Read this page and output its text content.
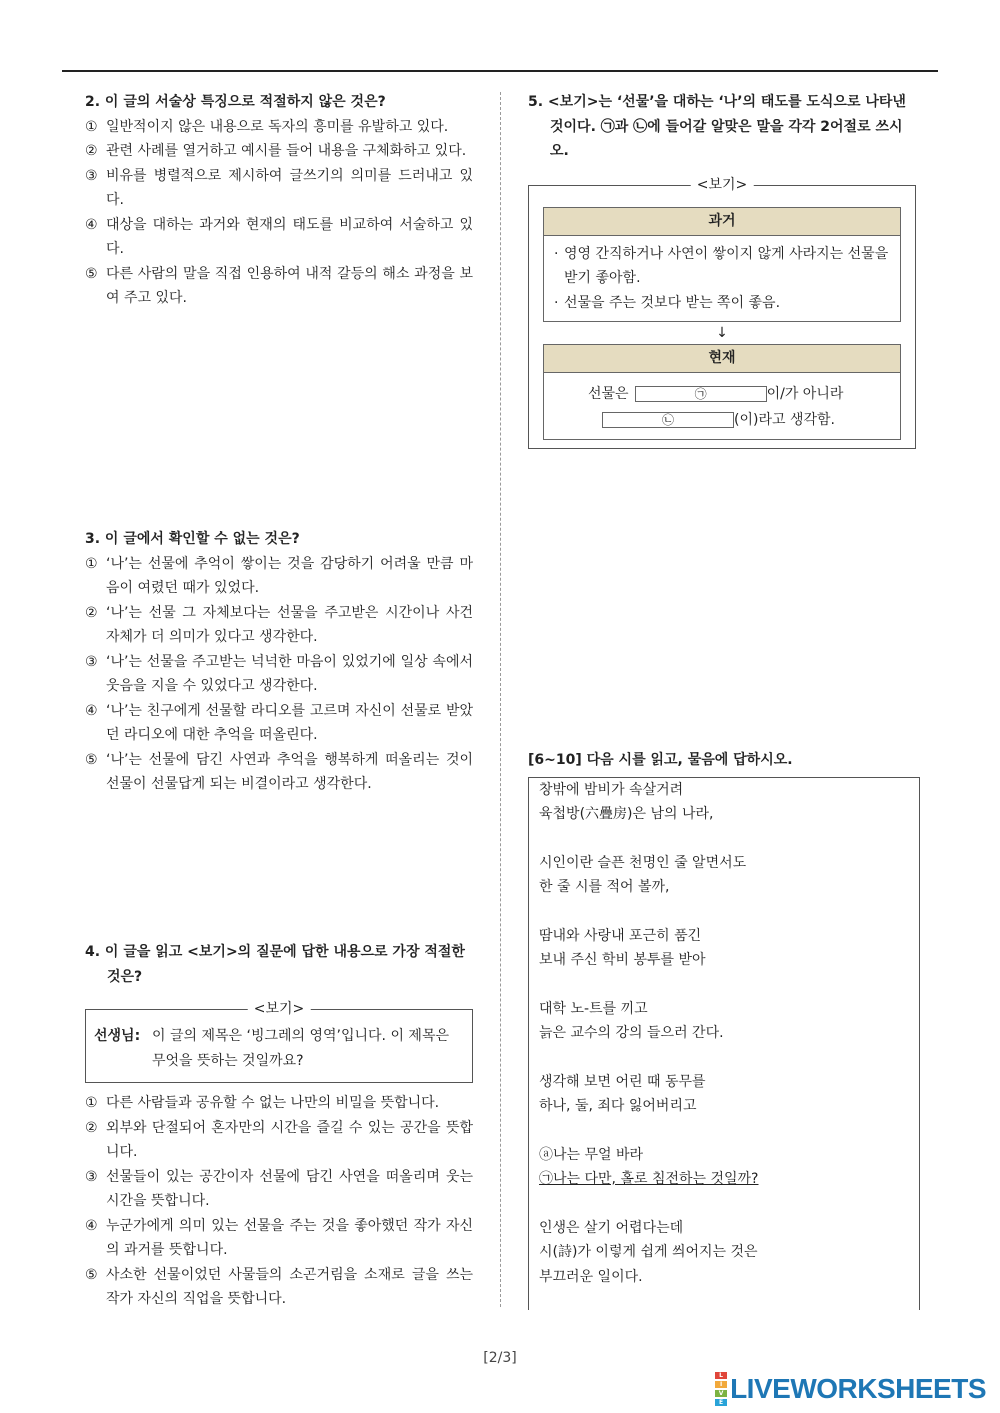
2. 이 글의 서술상 특징으로 적절하지 않은 것은?
① 일반적이지 않은 내용으로 독자의 흥미를 유발하고 있다.
② 관련 사례를 열거하고 예시를 들어 내용을 구체화하고 있다.
③ 비유를 병렬적으로 제시하여 글쓰기의 의미를 드러내고 있다.
④ 대상을 대하는 과거와 현재의 태도를 비교하여 서술하고 있다.
⑤ 다른 사람의 말을 직접 인용하여 내적 갈등의 해소 과정을 보여 주고 있다.
3. 이 글에서 확인할 수 없는 것은?
① ‘나’는 선물에 추억이 쌓이는 것을 감당하기 어려울 만큼 마음이 여렸던 때가 있었다.
② ‘나’는 선물 그 자체보다는 선물을 주고받은 시간이나 사건 자체가 더 의미가 있다고 생각한다.
③ ‘나’는 선물을 주고받는 넉넉한 마음이 있었기에 일상 속에서 웃음을 지을 수 있었다고 생각한다.
④ ‘나’는 친구에게 선물할 라디오를 고르며 자신이 선물로 받았던 라디오에 대한 추억을 떠올린다.
⑤ ‘나’는 선물에 담긴 사연과 추억을 행복하게 떠올리는 것이 선물이 선물답게 되는 비결이라고 생각한다.
4. 이 글을 읽고 <보기>의 질문에 답한 내용으로 가장 적절한 것은?
<보기>
선생님: 이 글의 제목은 ‘빙그레의 영역’입니다. 이 제목은 무엇을 뜻하는 것일까요?
① 다른 사람들과 공유할 수 없는 나만의 비밀을 뜻합니다.
② 외부와 단절되어 혼자만의 시간을 즐길 수 있는 공간을 뜻합니다.
③ 선물들이 있는 공간이자 선물에 담긴 사연을 떠올리며 웃는 시간을 뜻합니다.
④ 누군가에게 의미 있는 선물을 주는 것을 좋아했던 작가 자신의 과거를 뜻합니다.
⑤ 사소한 선물이었던 사물들의 소곤거림을 소재로 글을 쓰는 작가 자신의 직업을 뜻합니다.
5. <보기>는 ‘선물’을 대하는 ‘나’의 태도를 도식으로 나타낸 것이다. ㉠과 ㉡에 들어갈 알맞은 말을 각각 2어절로 쓰시오.
<보기>
과거
· 영영 간직하거나 사연이 쌓이지 않게 사라지는 선물을 받기 좋아함.
· 선물을 주는 것보다 받는 쪽이 좋음.
↓
현재
선물은	㉠	이/가 아니라
㉡	(이)라고 생각함.
[6~10] 다음 시를 읽고, 물음에 답하시오.
창밖에 밤비가 속살거려
육첩방(六疊房)은 남의 나라,
시인이란 슬픈 천명인 줄 알면서도
한 줄 시를 적어 볼까,
땀내와 사랑내 포근히 품긴
보내 주신 학비 봉투를 받아
대학 노-트를 끼고
늙은 교수의 강의 들으러 간다.
생각해 보면 어린 때 동무를
하나, 둘, 죄다 잃어버리고
ⓐ나는 무얼 바라
㉠나는 다만, 홀로 침전하는 것일까?
인생은 살기 어렵다는데
시(詩)가 이렇게 쉽게 씌어지는 것은
부끄러운 일이다.
[2/3]
L
I
V
E LIVEWORKSHEETS
